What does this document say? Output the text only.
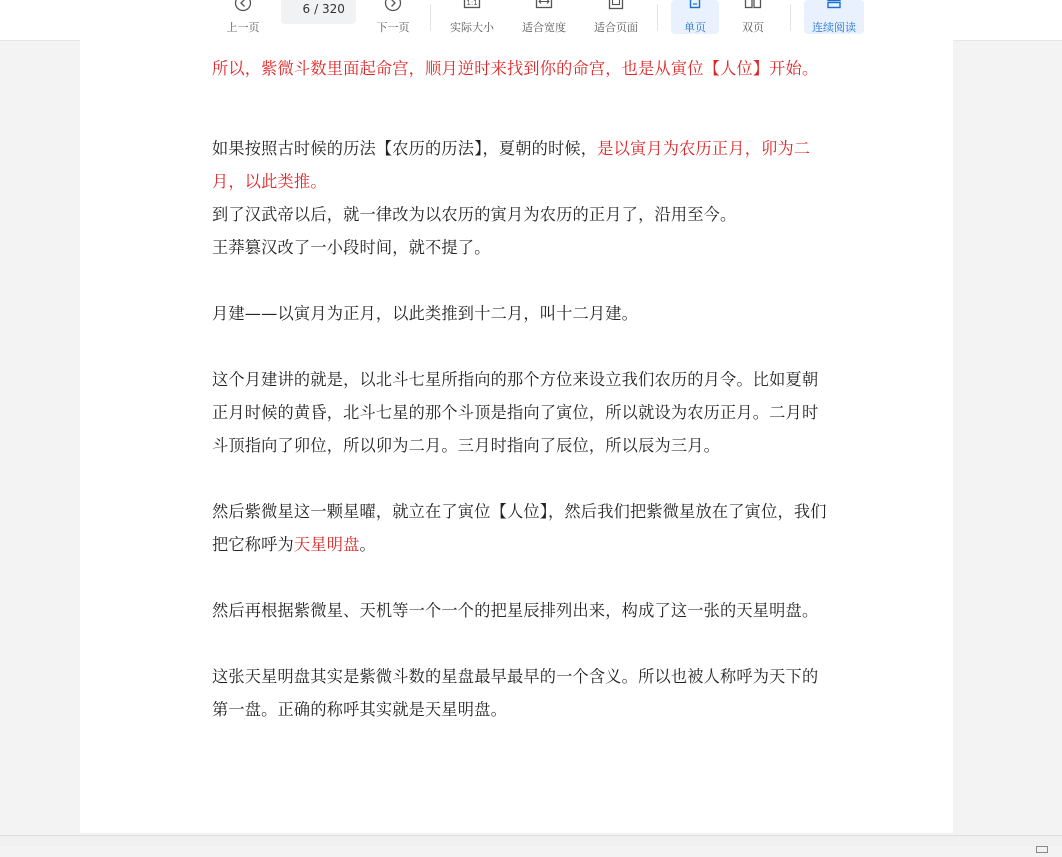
上一页
6
/ 320
下一页
1:1
实际大小	适合宽度	适合页面	单页	双页	连续阅读

所以，紫微斗数里面起命宫，顺月逆时来找到你的命宫，也是从寅位【人位】开始。

如果按照古时候的历法【农历的历法】，夏朝的时候，是以寅月为农历正月，卯为二月，以此类推。

到了汉武帝以后，就一律改为以农历的寅月为农历的正月了，沿用至今。

王莽篡汉改了一小段时间，就不提了。

月建——以寅月为正月，以此类推到十二月，叫十二月建。

这个月建讲的就是，以北斗七星所指向的那个方位来设立我们农历的月令。比如夏朝正月时候的黄昏，北斗七星的那个斗顶是指向了寅位，所以就设为农历正月。二月时斗顶指向了卯位，所以卯为二月。三月时指向了辰位，所以辰为三月。

然后紫微星这一颗星曜，就立在了寅位【人位】，然后我们把紫微星放在了寅位，我们把它称呼为天星明盘。

然后再根据紫微星、天机等一个一个的把星辰排列出来，构成了这一张的天星明盘。

这张天星明盘其实是紫微斗数的星盘最早最早的一个含义。所以也被人称呼为天下的第一盘。正确的称呼其实就是天星明盘。
